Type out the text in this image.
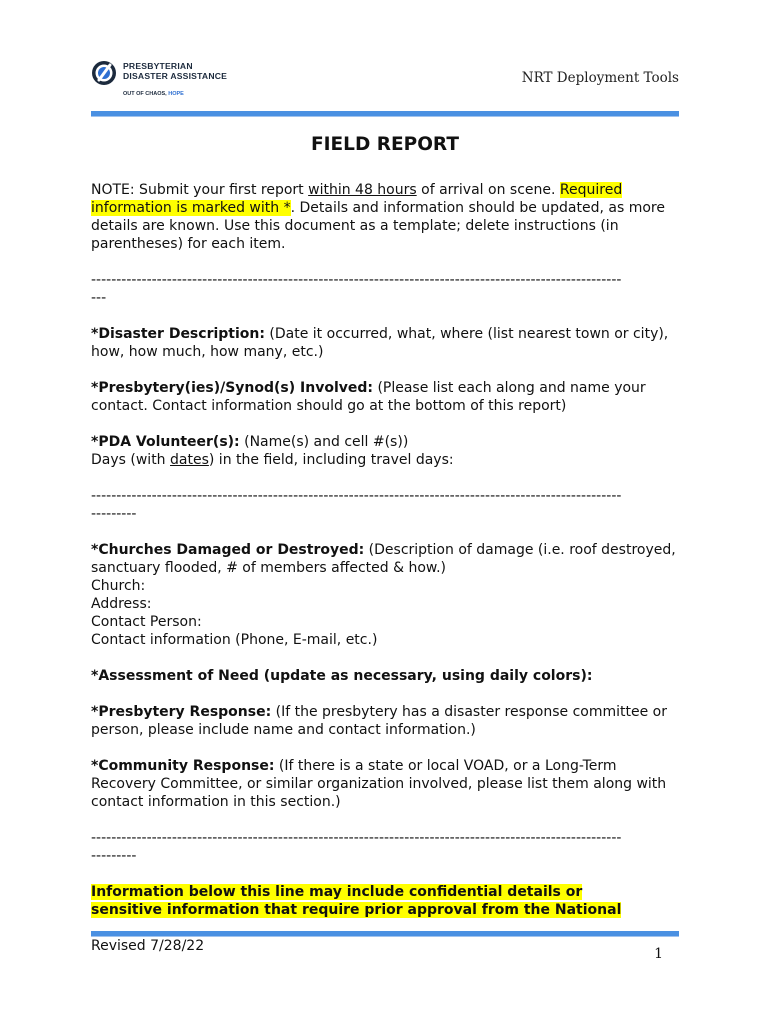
PRESBYTERIAN
DISASTER ASSISTANCE
OUT OF CHAOS, HOPE
NRT Deployment Tools
FIELD REPORT

NOTE: Submit your first report within 48 hours of arrival on scene. Required information is marked with *. Details and information should be updated, as more details are known. Use this document as a template; delete instructions (in parentheses) for each item.

---------------------------------------------------------------------------------------------------------
---

*Disaster Description: (Date it occurred, what, where (list nearest town or city), how, how much, how many, etc.)

*Presbytery(ies)/Synod(s) Involved: (Please list each along and name your contact. Contact information should go at the bottom of this report)

*PDA Volunteer(s): (Name(s) and cell #(s))
Days (with dates) in the field, including travel days:

---------------------------------------------------------------------------------------------------------
---------

*Churches Damaged or Destroyed: (Description of damage (i.e. roof destroyed, sanctuary flooded, # of members affected & how.)
Church:
Address:
Contact Person:
Contact information (Phone, E-mail, etc.)

*Assessment of Need (update as necessary, using daily colors):

*Presbytery Response: (If the presbytery has a disaster response committee or person, please include name and contact information.)

*Community Response: (If there is a state or local VOAD, or a Long-Term Recovery Committee, or similar organization involved, please list them along with contact information in this section.)

---------------------------------------------------------------------------------------------------------
---------
Information below this line may include confidential details or
sensitive information that require prior approval from the National
Revised 7/28/22	1
